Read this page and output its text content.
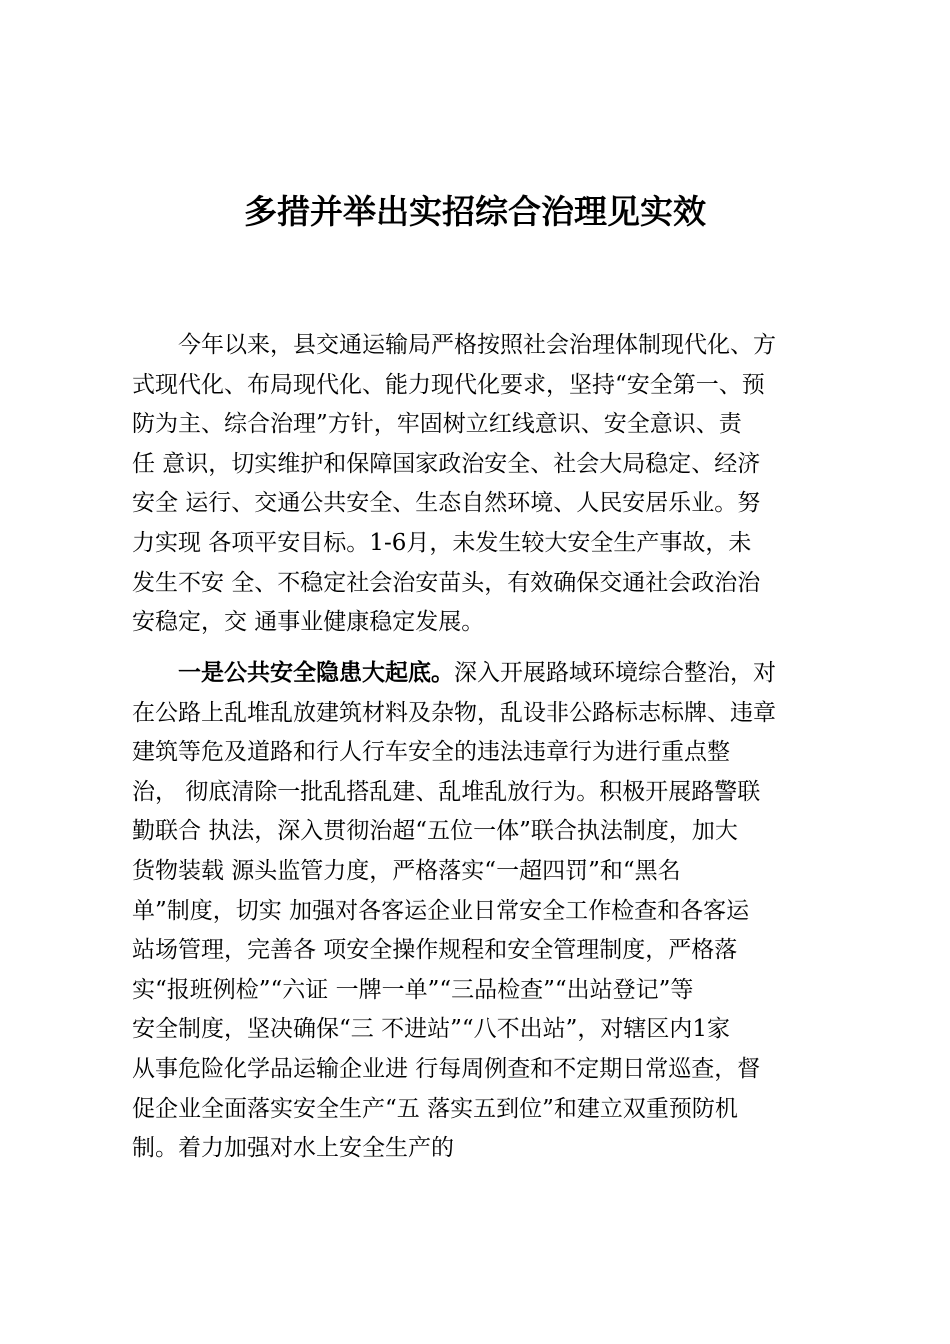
多措并举出实招综合治理见实效
今年以来，县交通运输局严格按照社会治理体制现代化、方
式现代化、布局现代化、能力现代化要求，坚持“安全第一、预
防为主、综合治理”方针，牢固树立红线意识、安全意识、责
任 意识，切实维护和保障国家政治安全、社会大局稳定、经济
安全 运行、交通公共安全、生态自然环境、人民安居乐业。努
力实现 各项平安目标。1-6月，未发生较大安全生产事故，未
发生不安 全、不稳定社会治安苗头，有效确保交通社会政治治
安稳定，交 通事业健康稳定发展。
一是公共安全隐患大起底。深入开展路域环境综合整治，对
在公路上乱堆乱放建筑材料及杂物，乱设非公路标志标牌、违章
建筑等危及道路和行人行车安全的违法违章行为进行重点整
治， 彻底清除一批乱搭乱建、乱堆乱放行为。积极开展路警联
勤联合 执法，深入贯彻治超“五位一体”联合执法制度，加大
货物装载 源头监管力度，严格落实“一超四罚”和“黑名
单”制度，切实 加强对各客运企业日常安全工作检查和各客运
站场管理，完善各 项安全操作规程和安全管理制度，严格落
实“报班例检”“六证 一牌一单”“三品检查”“出站登记”等
安全制度，坚决确保“三 不进站”“八不出站”，对辖区内1家
从事危险化学品运输企业进 行每周例查和不定期日常巡查，督
促企业全面落实安全生产“五 落实五到位”和建立双重预防机
制。着力加强对水上安全生产的
